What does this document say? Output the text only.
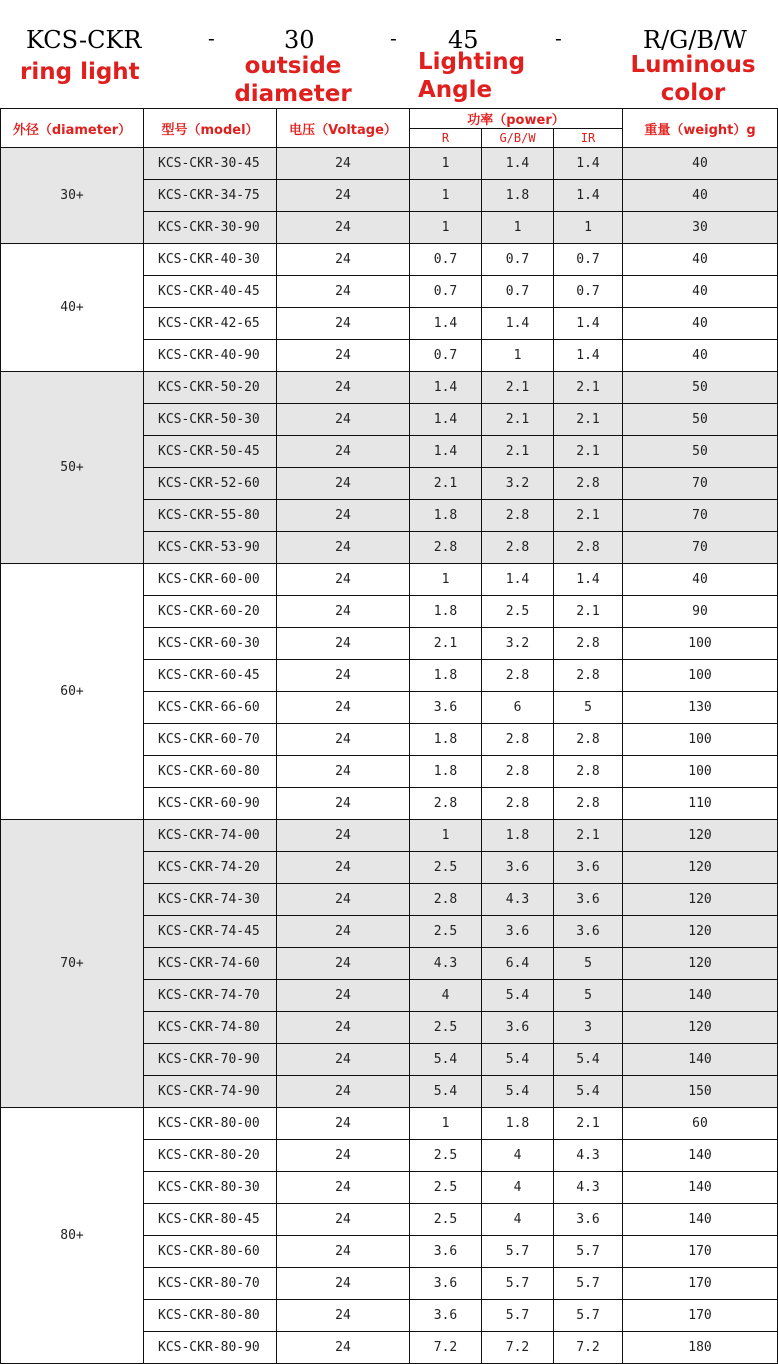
KCS-CKR	-	30	- 45	-	R/G/B/W
ring light	outside
diameter
Lighting
Angle
Luminous
color
外径（diameter）	型号（model）	电压（Voltage）	功率（power）			重量（weight）g
			R	G/B/W	IR	
30+	KCS-CKR-30-45	24	1	1.4	1.4	40
	KCS-CKR-34-75	24	1	1.8	1.4	40
	KCS-CKR-30-90	24	1	1	1	30
40+	KCS-CKR-40-30	24	0.7	0.7	0.7	40
	KCS-CKR-40-45	24	0.7	0.7	0.7	40
	KCS-CKR-42-65	24	1.4	1.4	1.4	40
	KCS-CKR-40-90	24	0.7	1	1.4	40
50+	KCS-CKR-50-20	24	1.4	2.1	2.1	50
	KCS-CKR-50-30	24	1.4	2.1	2.1	50
	KCS-CKR-50-45	24	1.4	2.1	2.1	50
	KCS-CKR-52-60	24	2.1	3.2	2.8	70
	KCS-CKR-55-80	24	1.8	2.8	2.1	70
	KCS-CKR-53-90	24	2.8	2.8	2.8	70
60+	KCS-CKR-60-00	24	1	1.4	1.4	40
	KCS-CKR-60-20	24	1.8	2.5	2.1	90
	KCS-CKR-60-30	24	2.1	3.2	2.8	100
	KCS-CKR-60-45	24	1.8	2.8	2.8	100
	KCS-CKR-66-60	24	3.6	6	5	130
	KCS-CKR-60-70	24	1.8	2.8	2.8	100
	KCS-CKR-60-80	24	1.8	2.8	2.8	100
	KCS-CKR-60-90	24	2.8	2.8	2.8	110
70+	KCS-CKR-74-00	24	1	1.8	2.1	120
	KCS-CKR-74-20	24	2.5	3.6	3.6	120
	KCS-CKR-74-30	24	2.8	4.3	3.6	120
	KCS-CKR-74-45	24	2.5	3.6	3.6	120
	KCS-CKR-74-60	24	4.3	6.4	5	120
	KCS-CKR-74-70	24	4	5.4	5	140
	KCS-CKR-74-80	24	2.5	3.6	3	120
	KCS-CKR-70-90	24	5.4	5.4	5.4	140
	KCS-CKR-74-90	24	5.4	5.4	5.4	150
80+	KCS-CKR-80-00	24	1	1.8	2.1	60
	KCS-CKR-80-20	24	2.5	4	4.3	140
	KCS-CKR-80-30	24	2.5	4	4.3	140
	KCS-CKR-80-45	24	2.5	4	3.6	140
	KCS-CKR-80-60	24	3.6	5.7	5.7	170
	KCS-CKR-80-70	24	3.6	5.7	5.7	170
	KCS-CKR-80-80	24	3.6	5.7	5.7	170
	KCS-CKR-80-90	24	7.2	7.2	7.2	180
